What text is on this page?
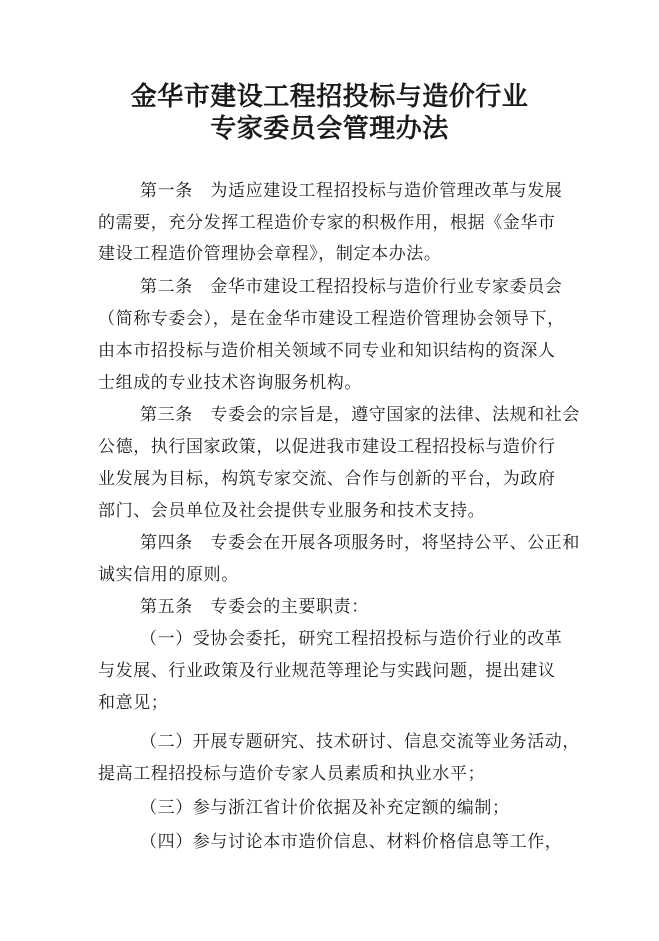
金华市建设工程招投标与造价行业
专家委员会管理办法
第一条　为适应建设工程招投标与造价管理改革与发展
的需要，充分发挥工程造价专家的积极作用，根据《金华市
建设工程造价管理协会章程》，制定本办法。
第二条　金华市建设工程招投标与造价行业专家委员会
（简称专委会），是在金华市建设工程造价管理协会领导下，
由本市招投标与造价相关领域不同专业和知识结构的资深人
士组成的专业技术咨询服务机构。
第三条　专委会的宗旨是，遵守国家的法律、法规和社会
公德，执行国家政策，以促进我市建设工程招投标与造价行
业发展为目标，构筑专家交流、合作与创新的平台，为政府
部门、会员单位及社会提供专业服务和技术支持。
第四条　专委会在开展各项服务时，将坚持公平、公正和
诚实信用的原则。
第五条　专委会的主要职责：
（一）受协会委托，研究工程招投标与造价行业的改革
与发展、行业政策及行业规范等理论与实践问题，提出建议
和意见；
（二）开展专题研究、技术研讨、信息交流等业务活动，
提高工程招投标与造价专家人员素质和执业水平；
（三）参与浙江省计价依据及补充定额的编制；
（四）参与讨论本市造价信息、材料价格信息等工作，
